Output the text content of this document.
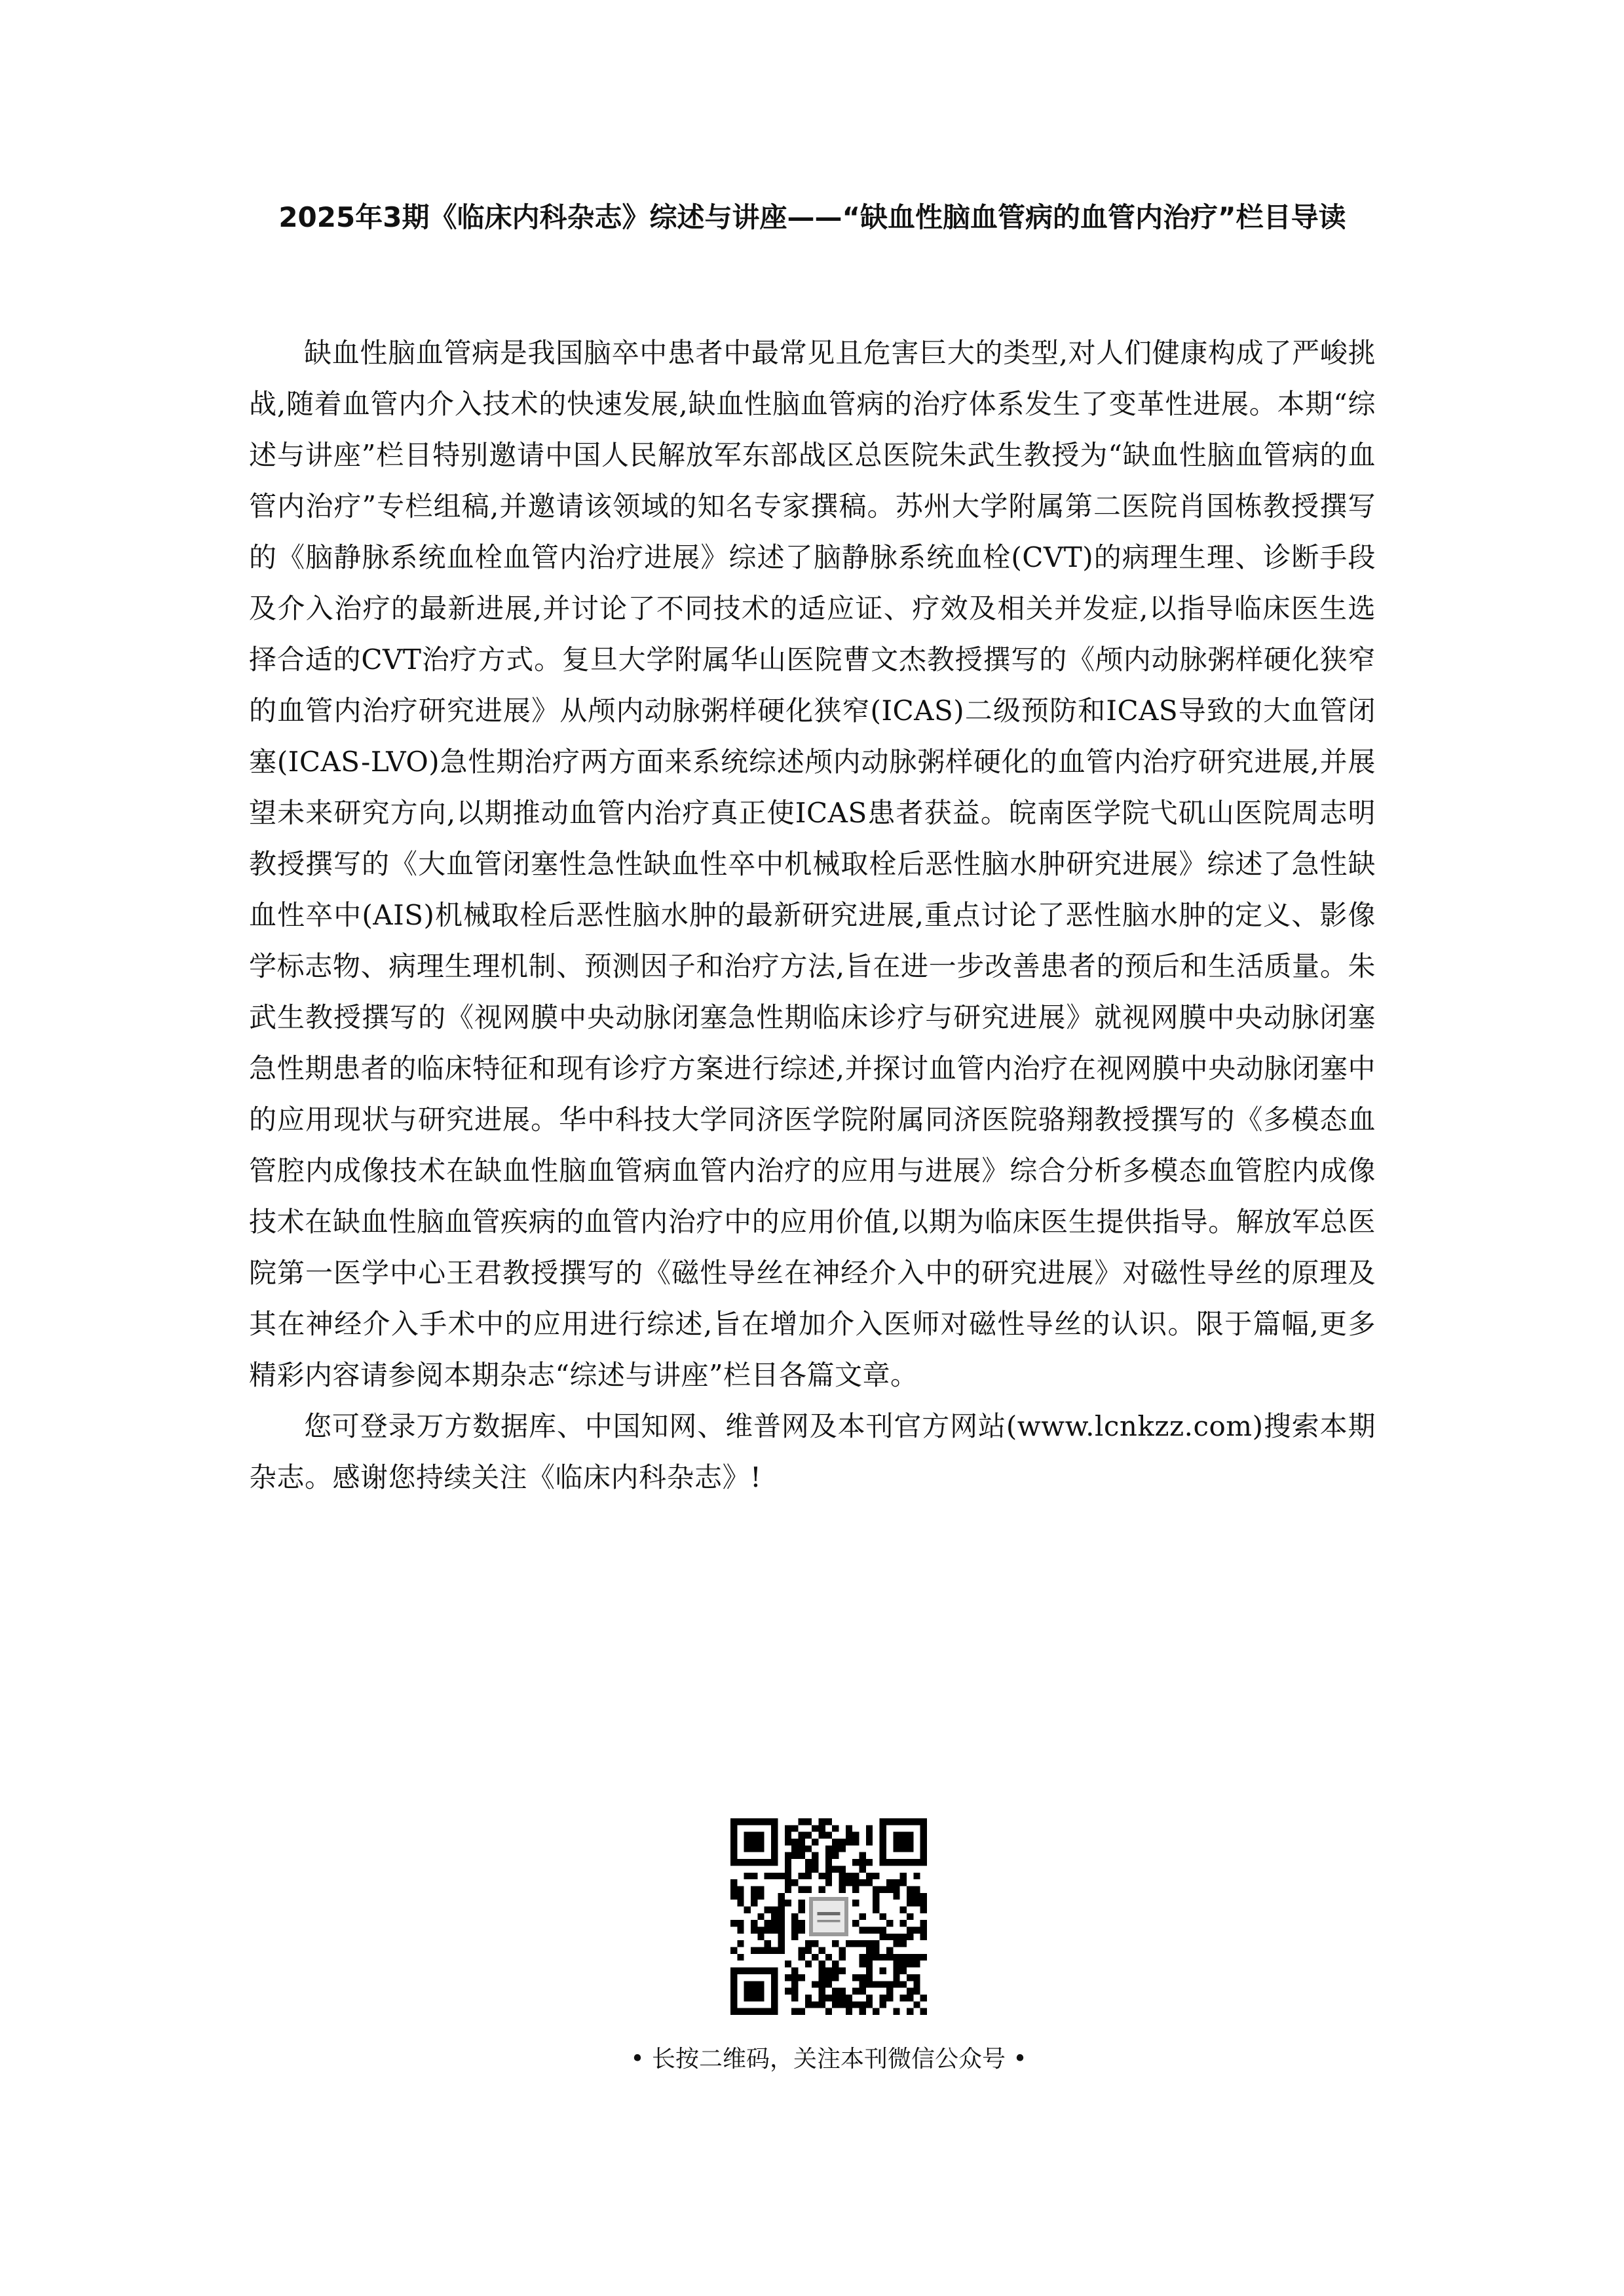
2025年3期《临床内科杂志》综述与讲座——“缺血性脑血管病的血管内治疗”栏目导读

缺血性脑血管病是我国脑卒中患者中最常见且危害巨大的类型,对人们健康构成了严峻挑战,随着血管内介入技术的快速发展,缺血性脑血管病的治疗体系发生了变革性进展。本期“综述与讲座”栏目特别邀请中国人民解放军东部战区总医院朱武生教授为“缺血性脑血管病的血管内治疗”专栏组稿,并邀请该领域的知名专家撰稿。苏州大学附属第二医院肖国栋教授撰写的《脑静脉系统血栓血管内治疗进展》综述了脑静脉系统血栓(CVT)的病理生理、诊断手段及介入治疗的最新进展,并讨论了不同技术的适应证、疗效及相关并发症,以指导临床医生选择合适的CVT治疗方式。复旦大学附属华山医院曹文杰教授撰写的《颅内动脉粥样硬化狭窄的血管内治疗研究进展》从颅内动脉粥样硬化狭窄(ICAS)二级预防和ICAS导致的大血管闭塞(ICAS-LVO)急性期治疗两方面来系统综述颅内动脉粥样硬化的血管内治疗研究进展,并展望未来研究方向,以期推动血管内治疗真正使ICAS患者获益。皖南医学院弋矶山医院周志明教授撰写的《大血管闭塞性急性缺血性卒中机械取栓后恶性脑水肿研究进展》综述了急性缺血性卒中(AIS)机械取栓后恶性脑水肿的最新研究进展,重点讨论了恶性脑水肿的定义、影像学标志物、病理生理机制、预测因子和治疗方法,旨在进一步改善患者的预后和生活质量。朱武生教授撰写的《视网膜中央动脉闭塞急性期临床诊疗与研究进展》就视网膜中央动脉闭塞急性期患者的临床特征和现有诊疗方案进行综述,并探讨血管内治疗在视网膜中央动脉闭塞中的应用现状与研究进展。华中科技大学同济医学院附属同济医院骆翔教授撰写的《多模态血管腔内成像技术在缺血性脑血管病血管内治疗的应用与进展》综合分析多模态血管腔内成像技术在缺血性脑血管疾病的血管内治疗中的应用价值,以期为临床医生提供指导。解放军总医院第一医学中心王君教授撰写的《磁性导丝在神经介入中的研究进展》对磁性导丝的原理及其在神经介入手术中的应用进行综述,旨在增加介入医师对磁性导丝的认识。限于篇幅,更多精彩内容请参阅本期杂志“综述与讲座”栏目各篇文章。

您可登录万方数据库、中国知网、维普网及本刊官方网站(www.lcnkzz.com)搜索本期杂志。感谢您持续关注《临床内科杂志》!

• 长按二维码，关注本刊微信公众号 •
